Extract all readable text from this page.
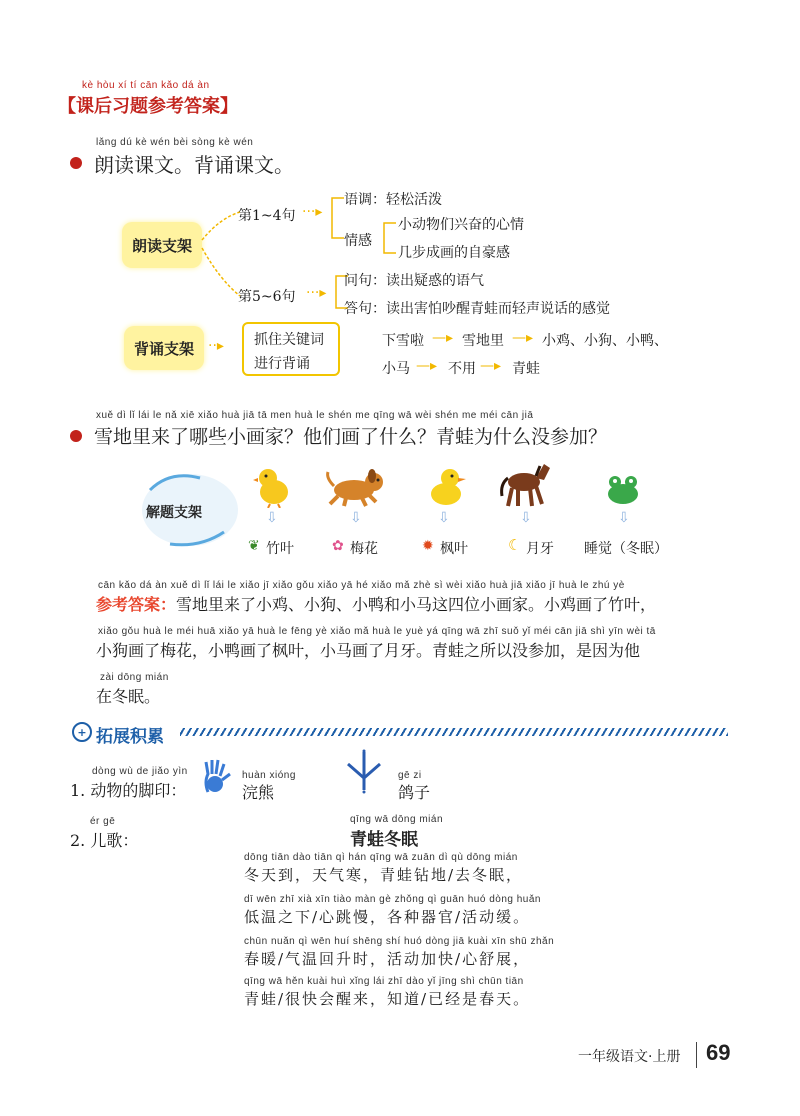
kè hòu xí tí cān kǎo dá àn
【课后习题参考答案】
lǎng dú kè wén bèi sòng kè wén
朗读课文。背诵课文。
朗读支架
第1~4句 ···▸
语调：轻松活泼
情感
小动物们兴奋的心情
几步成画的自豪感
第5~6句 ···▸
问句：读出疑惑的语气
答句：读出害怕吵醒青蛙而轻声说话的感觉
背诵支架	··▸ 抓住关键词
进行背诵
下雪啦 —▸ 雪地里 —▸ 小鸡、小狗、小鸭、
小马 —▸ 不用 —▸ 青蛙
xuě dì lǐ lái le nǎ xiē xiǎo huà jiā tā men huà le shén me qīng wā wèi shén me méi cān jiā
雪地里来了哪些小画家？他们画了什么？青蛙为什么没参加？
解题支架	⇩	⇩	⇩	⇩	⇩
❦ 竹叶	✿ 梅花	✹ 枫叶	☾ 月牙 睡觉（冬眠）
cān kǎo dá àn xuě dì lǐ lái le xiǎo jī xiǎo gǒu xiǎo yā hé xiǎo mǎ zhè sì wèi xiǎo huà jiā xiǎo jī huà le zhú yè
参考答案： 雪地里来了小鸡、小狗、小鸭和小马这四位小画家。小鸡画了竹叶，
xiǎo gǒu huà le méi huā xiǎo yā huà le fēng yè xiǎo mǎ huà le yuè yá qīng wā zhī suǒ yǐ méi cān jiā shì yīn wèi tā
小狗画了梅花，小鸭画了枫叶，小马画了月牙。青蛙之所以没参加，是因为他
zài dōng mián
在冬眠。
+ 拓展积累
dòng wù de jiǎo yìn
1. 动物的脚印：
huàn xióng
浣熊
gē zi
鸽子
ér gē
2. 儿歌：
qīng wā dōng mián
青蛙冬眠
dōng tiān dào tiān qì hán qīng wā zuān dì qù dōng mián
冬天到，天气寒，青蛙钻地/去冬眠，
dī wēn zhī xià xīn tiào màn gè zhǒng qì guān huó dòng huǎn
低温之下/心跳慢，各种器官/活动缓。
chūn nuǎn qì wēn huí shēng shí huó dòng jiā kuài xīn shū zhǎn
春暖/气温回升时，活动加快/心舒展，
qīng wā hěn kuài huì xǐng lái zhī dào yǐ jīng shì chūn tiān
青蛙/很快会醒来，知道/已经是春天。
一年级语文·上册 69
